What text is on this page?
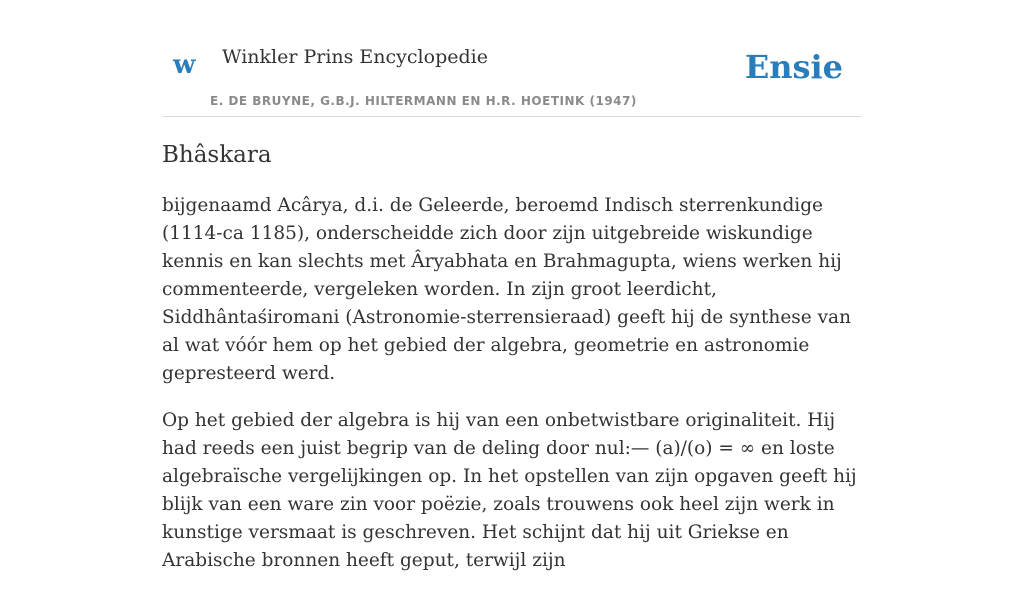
w Winkler Prins Encyclopedie
E. DE BRUYNE, G.B.J. HILTERMANN EN H.R. HOETINK (1947)
Ensie
Bhâskara

bijgenaamd Acârya, d.i. de Geleerde, beroemd Indisch sterrenkundige (1114-ca 1185), onderscheidde zich door zijn uitgebreide wiskundige kennis en kan slechts met Âryabhata en Brahmagupta, wiens werken hij commenteerde, vergeleken worden. In zijn groot leerdicht, Siddhântaśiromani (Astronomie-sterrensieraad) geeft hij de synthese van al wat vóór hem op het gebied der algebra, geometrie en astronomie gepresteerd werd.

Op het gebied der algebra is hij van een onbetwistbare originaliteit. Hij had reeds een juist begrip van de deling door nul:— (a)/(o) = ∞ en loste algebraïsche vergelijkingen op. In het opstellen van zijn opgaven geeft hij blijk van een ware zin voor poëzie, zoals trouwens ook heel zijn werk in kunstige versmaat is geschreven. Het schijnt dat hij uit Griekse en Arabische bronnen heeft geput, terwijl zijn
